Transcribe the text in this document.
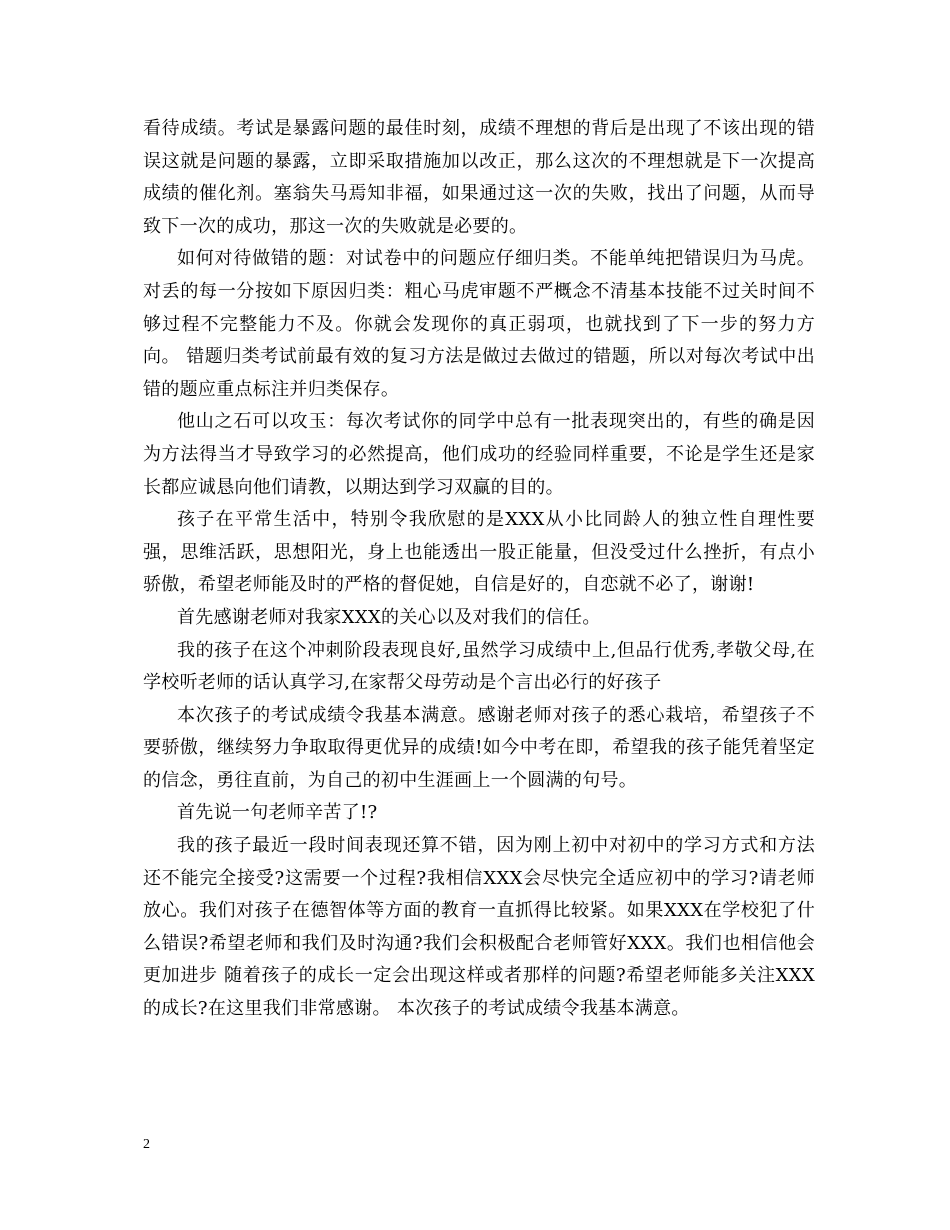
看待成绩。考试是暴露问题的最佳时刻，成绩不理想的背后是出现了不该出现的错误这就是问题的暴露，立即采取措施加以改正，那么这次的不理想就是下一次提高成绩的催化剂。塞翁失马焉知非福，如果通过这一次的失败，找出了问题，从而导致下一次的成功，那这一次的失败就是必要的。

如何对待做错的题：对试卷中的问题应仔细归类。不能单纯把错误归为马虎。对丢的每一分按如下原因归类：粗心马虎审题不严概念不清基本技能不过关时间不够过程不完整能力不及。你就会发现你的真正弱项，也就找到了下一步的努力方向。 错题归类考试前最有效的复习方法是做过去做过的错题，所以对每次考试中出错的题应重点标注并归类保存。

他山之石可以攻玉：每次考试你的同学中总有一批表现突出的，有些的确是因为方法得当才导致学习的必然提高，他们成功的经验同样重要，不论是学生还是家长都应诚恳向他们请教，以期达到学习双赢的目的。

孩子在平常生活中，特别令我欣慰的是XXX从小比同龄人的独立性自理性要强，思维活跃，思想阳光，身上也能透出一股正能量，但没受过什么挫折，有点小骄傲，希望老师能及时的严格的督促她，自信是好的，自恋就不必了，谢谢!

首先感谢老师对我家XXX的关心以及对我们的信任。

我的孩子在这个冲刺阶段表现良好,虽然学习成绩中上,但品行优秀,孝敬父母,在学校听老师的话认真学习,在家帮父母劳动是个言出必行的好孩子

本次孩子的考试成绩令我基本满意。感谢老师对孩子的悉心栽培，希望孩子不要骄傲，继续努力争取取得更优异的成绩!如今中考在即，希望我的孩子能凭着坚定的信念，勇往直前，为自己的初中生涯画上一个圆满的句号。

首先说一句老师辛苦了!?

我的孩子最近一段时间表现还算不错，因为刚上初中对初中的学习方式和方法还不能完全接受?这需要一个过程?我相信XXX会尽快完全适应初中的学习?请老师放心。我们对孩子在德智体等方面的教育一直抓得比较紧。如果XXX在学校犯了什么错误?希望老师和我们及时沟通?我们会积极配合老师管好XXX。我们也相信他会更加进步 随着孩子的成长一定会出现这样或者那样的问题?希望老师能多关注XXX的成长?在这里我们非常感谢。 本次孩子的考试成绩令我基本满意。

2
